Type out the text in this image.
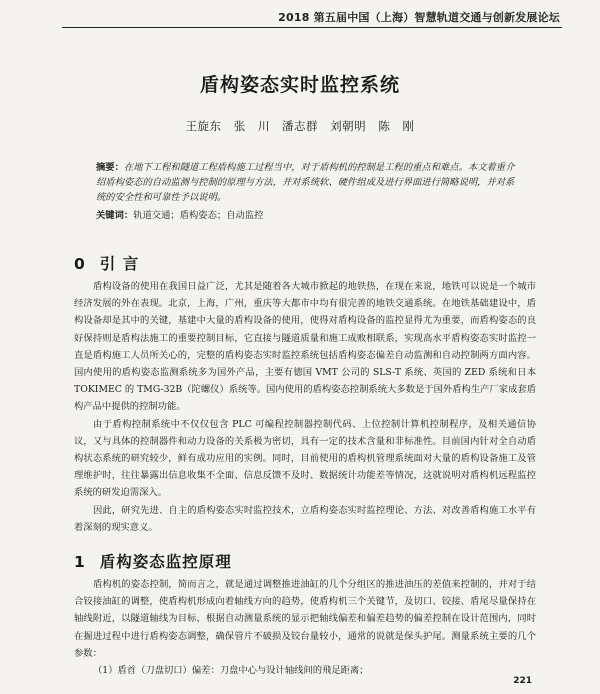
2018 第五届中国（上海）智慧轨道交通与创新发展论坛
盾构姿态实时监控系统
王旋东 张 川 潘志群 刘朝明 陈 刚
摘要：在地下工程和隧道工程盾构施工过程当中，对于盾构机的控制是工程的重点和难点。本文着重介绍盾构姿态的自动监测与控制的原理与方法，并对系统软、硬件组成及进行界面进行简略说明，并对系统的安全性和可靠性予以说明。
关键词：轨道交通；盾构姿态；自动监控
0 引 言

盾构设备的使用在我国日益广泛，尤其是随着各大城市掀起的地铁热，在现在来说，地铁可以说是一个城市经济发展的外在表现。北京，上海，广州，重庆等大都市中均有很完善的地铁交通系统。在地铁基础建设中，盾构设备却是其中的关键，基建中大量的盾构设备的使用，使得对盾构设备的监控显得尤为重要，而盾构姿态的良好保持则是盾构法施工的重要控制目标，它直接与隧道质量和施工成败相联系，实现高水平盾构姿态实时监控一直是盾构施工人员所关心的，完整的盾构姿态实时监控系统包括盾构姿态偏差自动监测和自动控制两方面内容。国内使用的盾构姿态监测系统多为国外产品，主要有德国 VMT 公司的 SLS-T 系统、英国的 ZED 系统和日本 TOKIMEC 的 TMG-32B（陀螺仪）系统等。国内使用的盾构姿态控制系统大多数是于国外盾构生产厂家成套盾构产品中提供的控制功能。

由于盾构控制系统中不仅仅包含 PLC 可编程控制器控制代码、上位控制计算机控制程序，及相关通信协议，又与具体的控制器件和动力设备的关系极为密切，具有一定的技术含量和非标准性。目前国内针对全自动盾构状态系统的研究较少，鲜有成功应用的实例。同时，目前使用的盾构机管理系统面对大量的盾构设备施工及管理维护时，往往暴露出信息收集不全面、信息反馈不及时、数据统计功能差等情况，这就说明对盾构机远程监控系统的研发迫需深入。

因此，研究先进、自主的盾构姿态实时监控技术，立盾构姿态实时监控理论、方法、对改善盾构施工水平有着深刻的现实意义。

1 盾构姿态监控原理

盾构机的姿态控制，简而言之，就是通过调整推进油缸的几个分组区的推进油压的差值来控制的，并对于结合铰接油缸的调整，使盾构机形成向着轴线方向的趋势，使盾构机三个关键节，及切口、铰接、盾尾尽量保持在轴线附近，以隧道轴线为目标，根据自动测量系统的显示把轴线偏差和偏差趋势的偏差控制在设计范围内，同时在掘进过程中进行盾构姿态调整，确保管片不破损及铰台量较小，通常的说就是保头护尾。测量系统主要的几个参数：

（1）盾首（刀盘切口）偏差：刀盘中心与设计轴线间的飛足距离；

221
